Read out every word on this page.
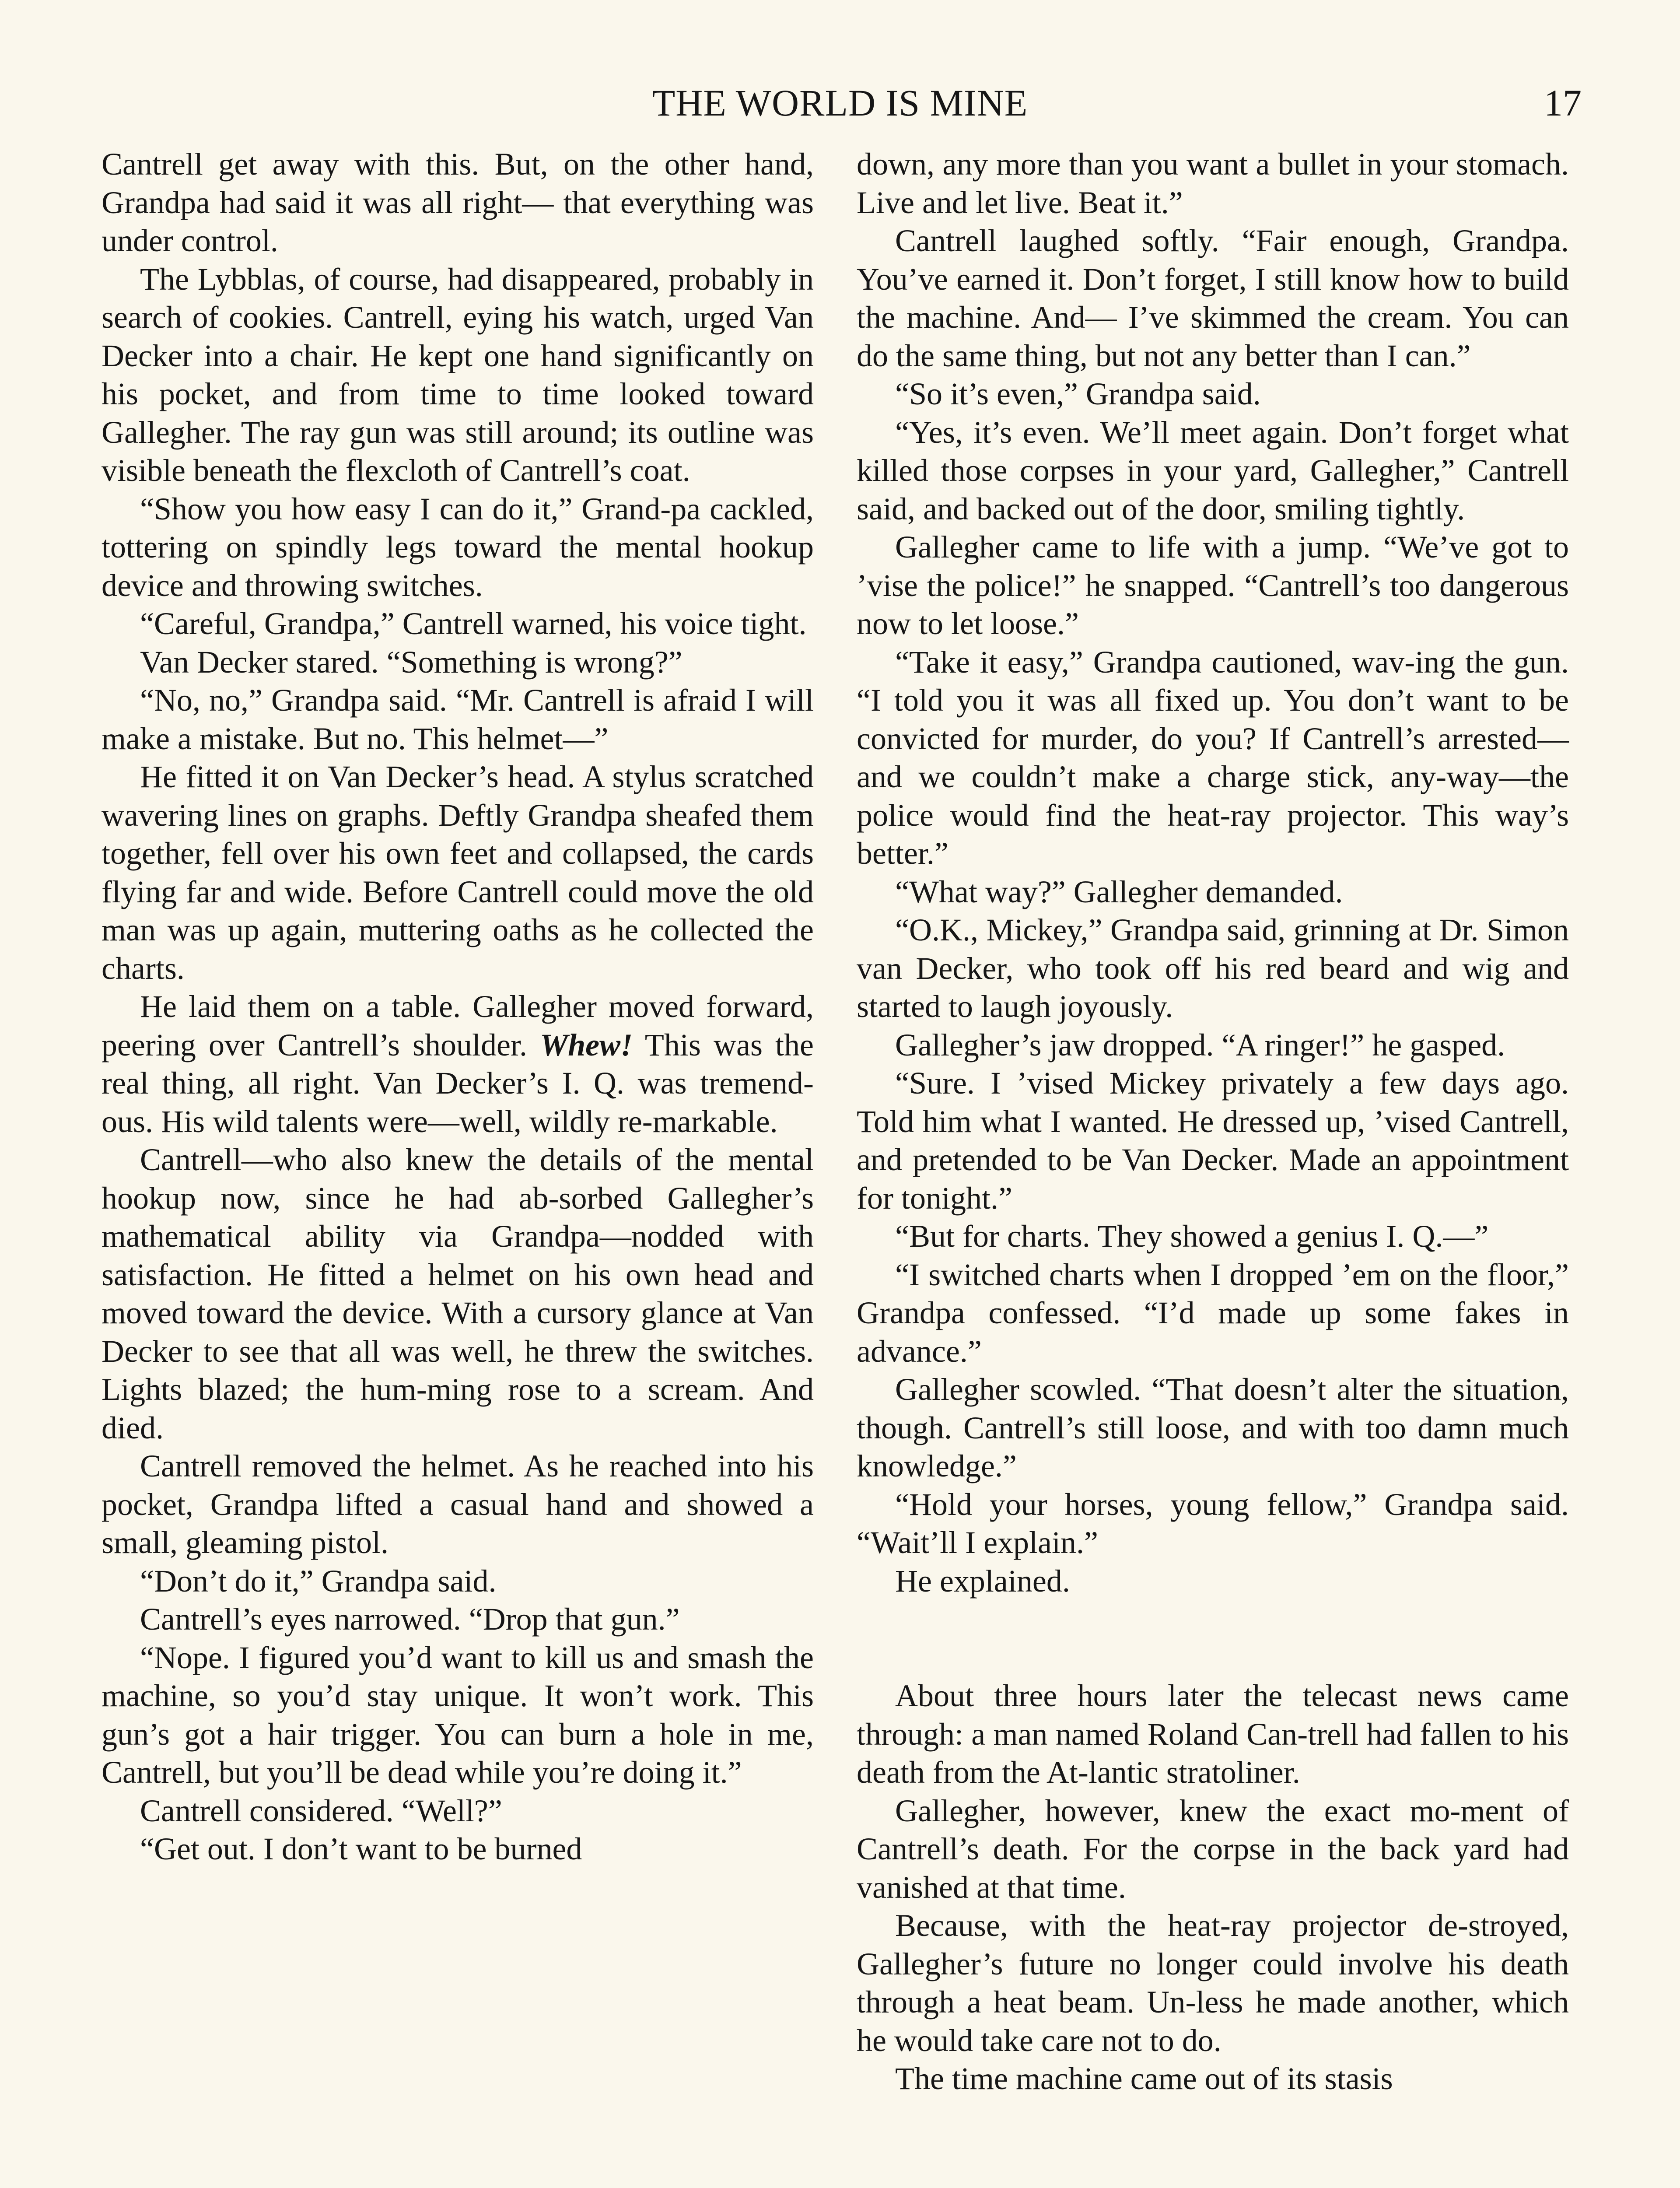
THE WORLD IS MINE	17

Cantrell get away with this. But, on the other hand, Grandpa had said it was all right— that everything was under control.

The Lybblas, of course, had disappeared, probably in search of cookies. Cantrell, eying his watch, urged Van Decker into a chair. He kept one hand significantly on his pocket, and from time to time looked toward Gallegher. The ray gun was still around; its outline was visible beneath the flexcloth of Cantrell’s coat.

“Show you how easy I can do it,” Grand-pa cackled, tottering on spindly legs toward the mental hookup device and throwing switches.

“Careful, Grandpa,” Cantrell warned, his voice tight.

Van Decker stared. “Something is wrong?”

“No, no,” Grandpa said. “Mr. Cantrell is afraid I will make a mistake. But no. This helmet—”

He fitted it on Van Decker’s head. A stylus scratched wavering lines on graphs. Deftly Grandpa sheafed them together, fell over his own feet and collapsed, the cards flying far and wide. Before Cantrell could move the old man was up again, muttering oaths as he collected the charts.

He laid them on a table. Gallegher moved forward, peering over Cantrell’s shoulder. Whew! This was the real thing, all right. Van Decker’s I. Q. was tremend-ous. His wild talents were—well, wildly re-markable.

Cantrell—who also knew the details of the mental hookup now, since he had ab-sorbed Gallegher’s mathematical ability via Grandpa—nodded with satisfaction. He fitted a helmet on his own head and moved toward the device. With a cursory glance at Van Decker to see that all was well, he threw the switches. Lights blazed; the hum-ming rose to a scream. And died.

Cantrell removed the helmet. As he reached into his pocket, Grandpa lifted a casual hand and showed a small, gleaming pistol.

“Don’t do it,” Grandpa said.

Cantrell’s eyes narrowed. “Drop that gun.”

“Nope. I figured you’d want to kill us and smash the machine, so you’d stay unique. It won’t work. This gun’s got a hair trigger. You can burn a hole in me, Cantrell, but you’ll be dead while you’re doing it.”

Cantrell considered. “Well?”

“Get out. I don’t want to be burned

down, any more than you want a bullet in your stomach. Live and let live. Beat it.”

Cantrell laughed softly. “Fair enough, Grandpa. You’ve earned it. Don’t forget, I still know how to build the machine. And— I’ve skimmed the cream. You can do the same thing, but not any better than I can.”

“So it’s even,” Grandpa said.

“Yes, it’s even. We’ll meet again. Don’t forget what killed those corpses in your yard, Gallegher,” Cantrell said, and backed out of the door, smiling tightly.

Gallegher came to life with a jump. “We’ve got to ’vise the police!” he snapped. “Cantrell’s too dangerous now to let loose.”

“Take it easy,” Grandpa cautioned, wav-ing the gun. “I told you it was all fixed up. You don’t want to be convicted for murder, do you? If Cantrell’s arrested— and we couldn’t make a charge stick, any-way—the police would find the heat-ray projector. This way’s better.”

“What way?” Gallegher demanded.

“O.K., Mickey,” Grandpa said, grinning at Dr. Simon van Decker, who took off his red beard and wig and started to laugh joyously.

Gallegher’s jaw dropped. “A ringer!” he gasped.

“Sure. I ’vised Mickey privately a few days ago. Told him what I wanted. He dressed up, ’vised Cantrell, and pretended to be Van Decker. Made an appointment for tonight.”

“But for charts. They showed a genius I. Q.—”

“I switched charts when I dropped ’em on the floor,” Grandpa confessed. “I’d made up some fakes in advance.”

Gallegher scowled. “That doesn’t alter the situation, though. Cantrell’s still loose, and with too damn much knowledge.”

“Hold your horses, young fellow,” Grandpa said. “Wait’ll I explain.”

He explained.

About three hours later the telecast news came through: a man named Roland Can-trell had fallen to his death from the At-lantic stratoliner.

Gallegher, however, knew the exact mo-ment of Cantrell’s death. For the corpse in the back yard had vanished at that time.

Because, with the heat-ray projector de-stroyed, Gallegher’s future no longer could involve his death through a heat beam. Un-less he made another, which he would take care not to do.

The time machine came out of its stasis
